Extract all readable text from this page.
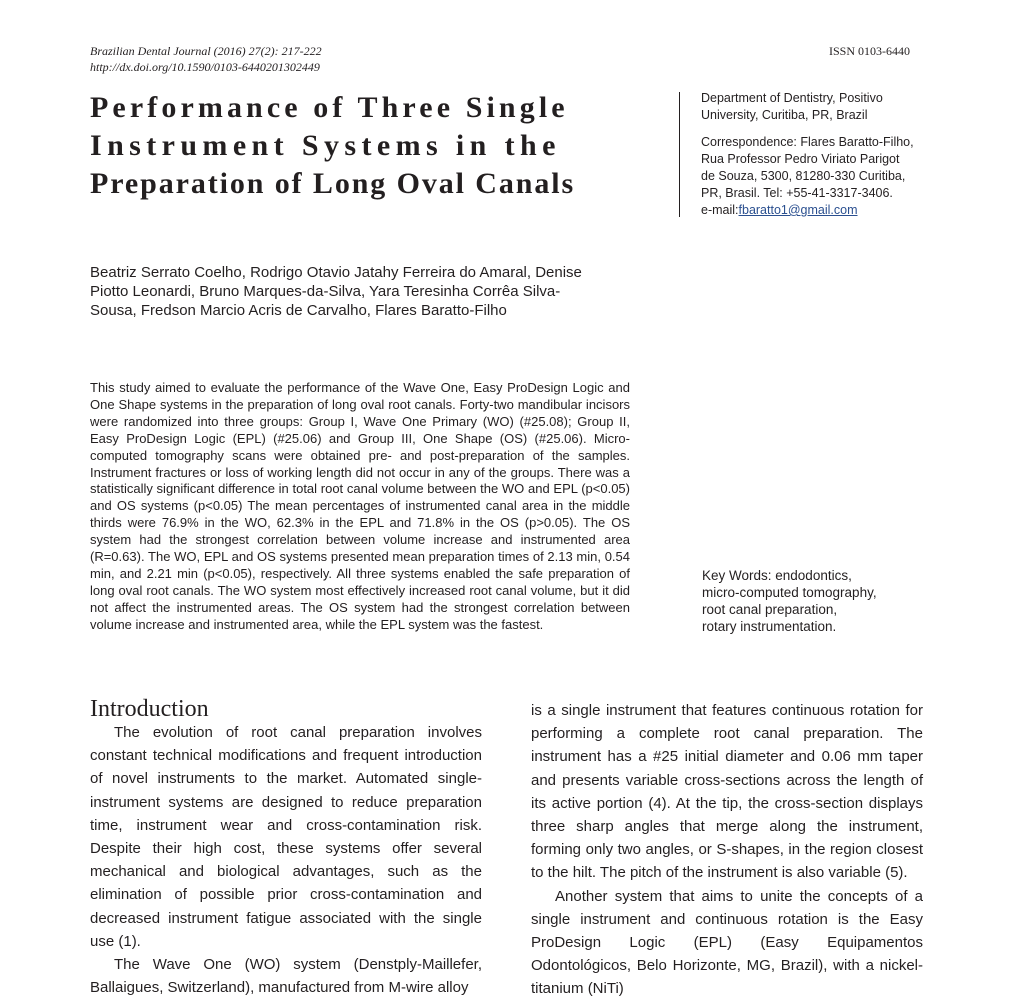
Brazilian Dental Journal (2016) 27(2): 217-222
http://dx.doi.org/10.1590/0103-6440201302449
ISSN 0103-6440
Performance of Three Single
Instrument Systems in the
Preparation of Long Oval Canals
Department of Dentistry, Positivo
University, Curitiba, PR, Brazil
Correspondence: Flares Baratto-Filho,
Rua Professor Pedro Viriato Parigot
de Souza, 5300, 81280-330 Curitiba,
PR, Brasil. Tel: +55-41-3317-3406.
e-mail:fbaratto1@gmail.com
Beatriz Serrato Coelho, Rodrigo Otavio Jatahy Ferreira do Amaral, Denise Piotto Leonardi, Bruno Marques-da-Silva, Yara Teresinha Corrêa Silva-Sousa, Fredson Marcio Acris de Carvalho, Flares Baratto-Filho
This study aimed to evaluate the performance of the Wave One, Easy ProDesign Logic and One Shape systems in the preparation of long oval root canals. Forty-two mandibular incisors were randomized into three groups: Group I, Wave One Primary (WO) (#25.08); Group II, Easy ProDesign Logic (EPL) (#25.06) and Group III, One Shape (OS) (#25.06). Micro-computed tomography scans were obtained pre- and post-preparation of the samples. Instrument fractures or loss of working length did not occur in any of the groups. There was a statistically significant difference in total root canal volume between the WO and EPL (p<0.05) and OS systems (p<0.05) The mean percentages of instrumented canal area in the middle thirds were 76.9% in the WO, 62.3% in the EPL and 71.8% in the OS (p>0.05). The OS system had the strongest correlation between volume increase and instrumented area (R=0.63). The WO, EPL and OS systems presented mean preparation times of 2.13 min, 0.54 min, and 2.21 min (p<0.05), respectively. All three systems enabled the safe preparation of long oval root canals. The WO system most effectively increased root canal volume, but it did not affect the instrumented areas. The OS system had the strongest correlation between volume increase and instrumented area, while the EPL system was the fastest.
Key Words: endodontics,
micro-computed tomography,
root canal preparation,
rotary instrumentation.
Introduction

The evolution of root canal preparation involves constant technical modifications and frequent introduction of novel instruments to the market. Automated single-instrument systems are designed to reduce preparation time, instrument wear and cross-contamination risk. Despite their high cost, these systems offer several mechanical and biological advantages, such as the elimination of possible prior cross-contamination and decreased instrument fatigue associated with the single use (1).

The Wave One (WO) system (Denstply-Maillefer, Ballaigues, Switzerland), manufactured from M-wire alloy

is a single instrument that features continuous rotation for performing a complete root canal preparation. The instrument has a #25 initial diameter and 0.06 mm taper and presents variable cross-sections across the length of its active portion (4). At the tip, the cross-section displays three sharp angles that merge along the instrument, forming only two angles, or S-shapes, in the region closest to the hilt. The pitch of the instrument is also variable (5).

Another system that aims to unite the concepts of a single instrument and continuous rotation is the Easy ProDesign Logic (EPL) (Easy Equipamentos Odontológicos, Belo Horizonte, MG, Brazil), with a nickel-titanium (NiTi)
